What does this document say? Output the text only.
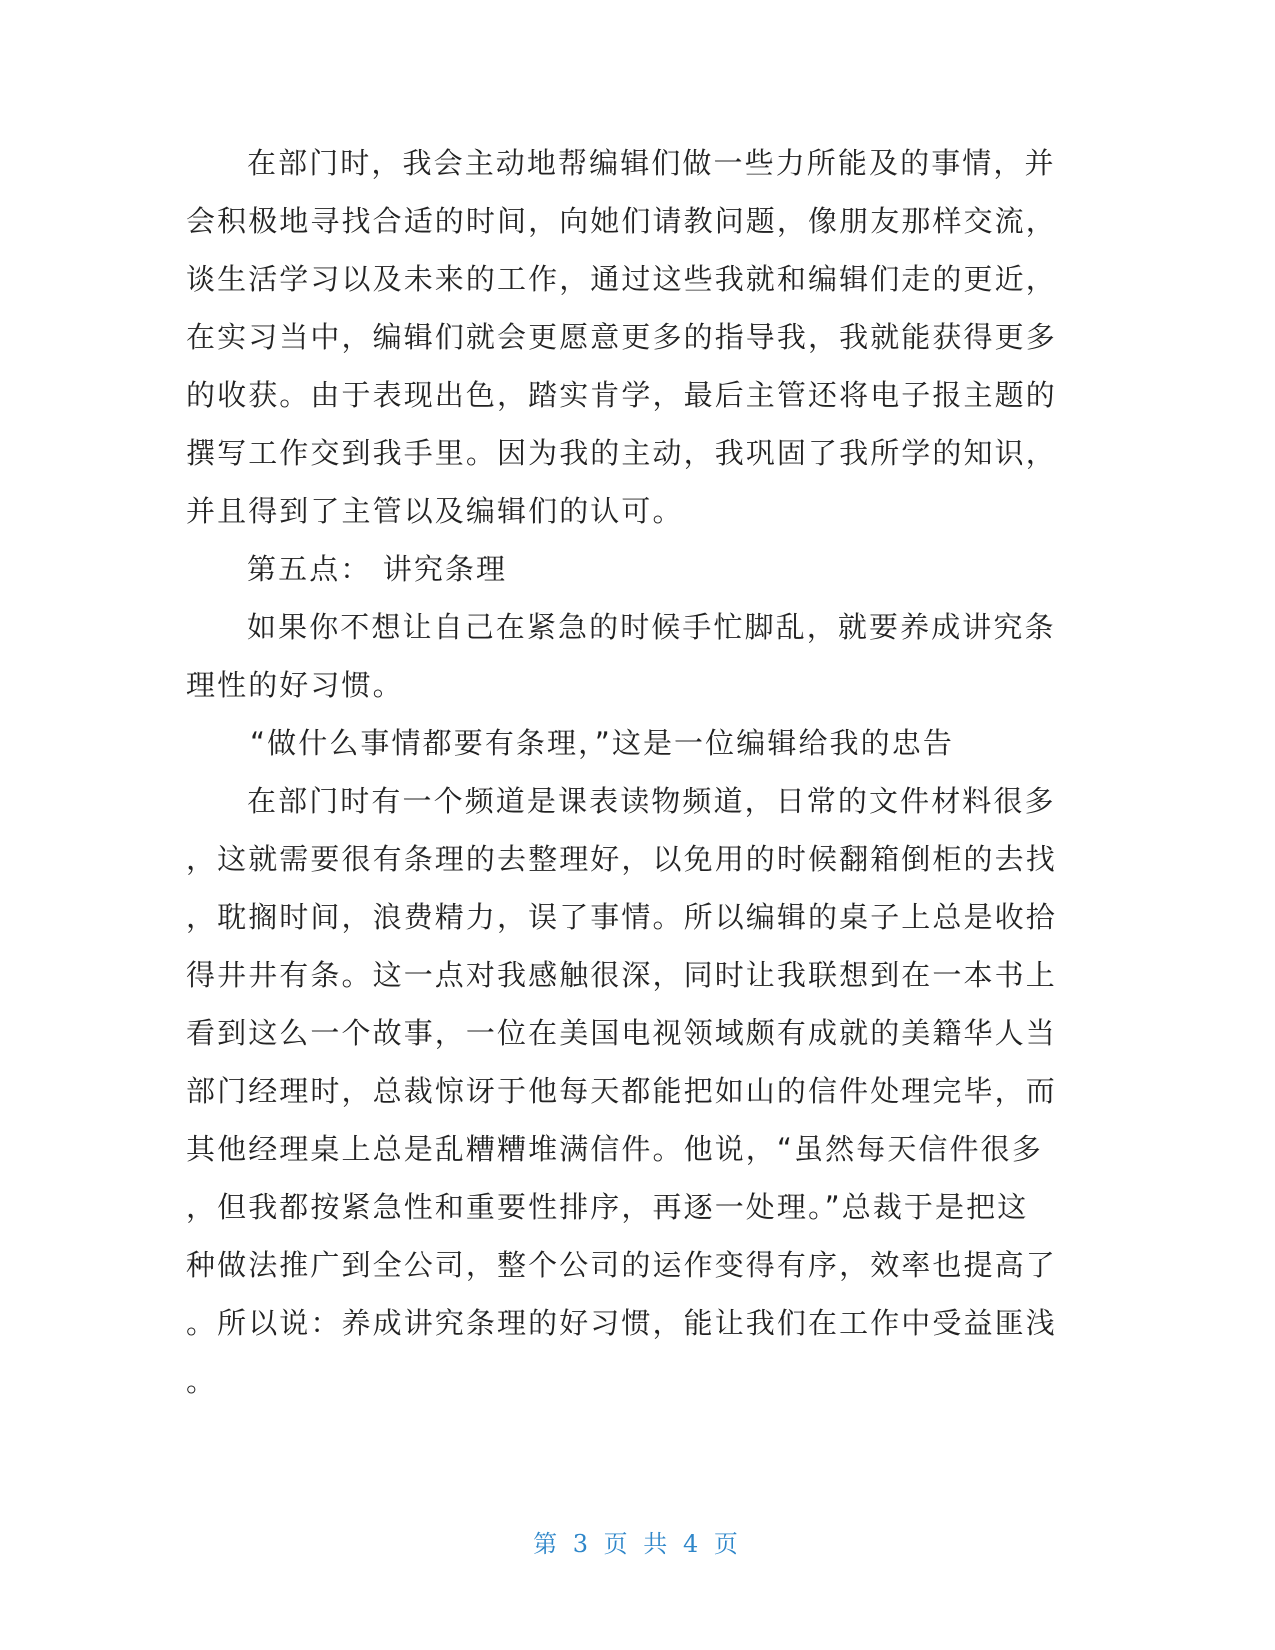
在部门时，我会主动地帮编辑们做一些力所能及的事情，并
会积极地寻找合适的时间，向她们请教问题，像朋友那样交流，
谈生活学习以及未来的工作，通过这些我就和编辑们走的更近，
在实习当中，编辑们就会更愿意更多的指导我，我就能获得更多
的收获。由于表现出色，踏实肯学，最后主管还将电子报主题的
撰写工作交到我手里。因为我的主动，我巩固了我所学的知识，
并且得到了主管以及编辑们的认可。
第五点： 讲究条理
如果你不想让自己在紧急的时候手忙脚乱，就要养成讲究条
理性的好习惯。
“做什么事情都要有条理，”这是一位编辑给我的忠告
在部门时有一个频道是课表读物频道，日常的文件材料很多
，这就需要很有条理的去整理好，以免用的时候翻箱倒柜的去找
，耽搁时间，浪费精力，误了事情。所以编辑的桌子上总是收拾
得井井有条。这一点对我感触很深，同时让我联想到在一本书上
看到这么一个故事，一位在美国电视领域颇有成就的美籍华人当
部门经理时，总裁惊讶于他每天都能把如山的信件处理完毕，而
其他经理桌上总是乱糟糟堆满信件。他说，“虽然每天信件很多
，但我都按紧急性和重要性排序，再逐一处理。”总裁于是把这
种做法推广到全公司，整个公司的运作变得有序，效率也提高了
。所以说：养成讲究条理的好习惯，能让我们在工作中受益匪浅
。
第 3 页 共 4 页
